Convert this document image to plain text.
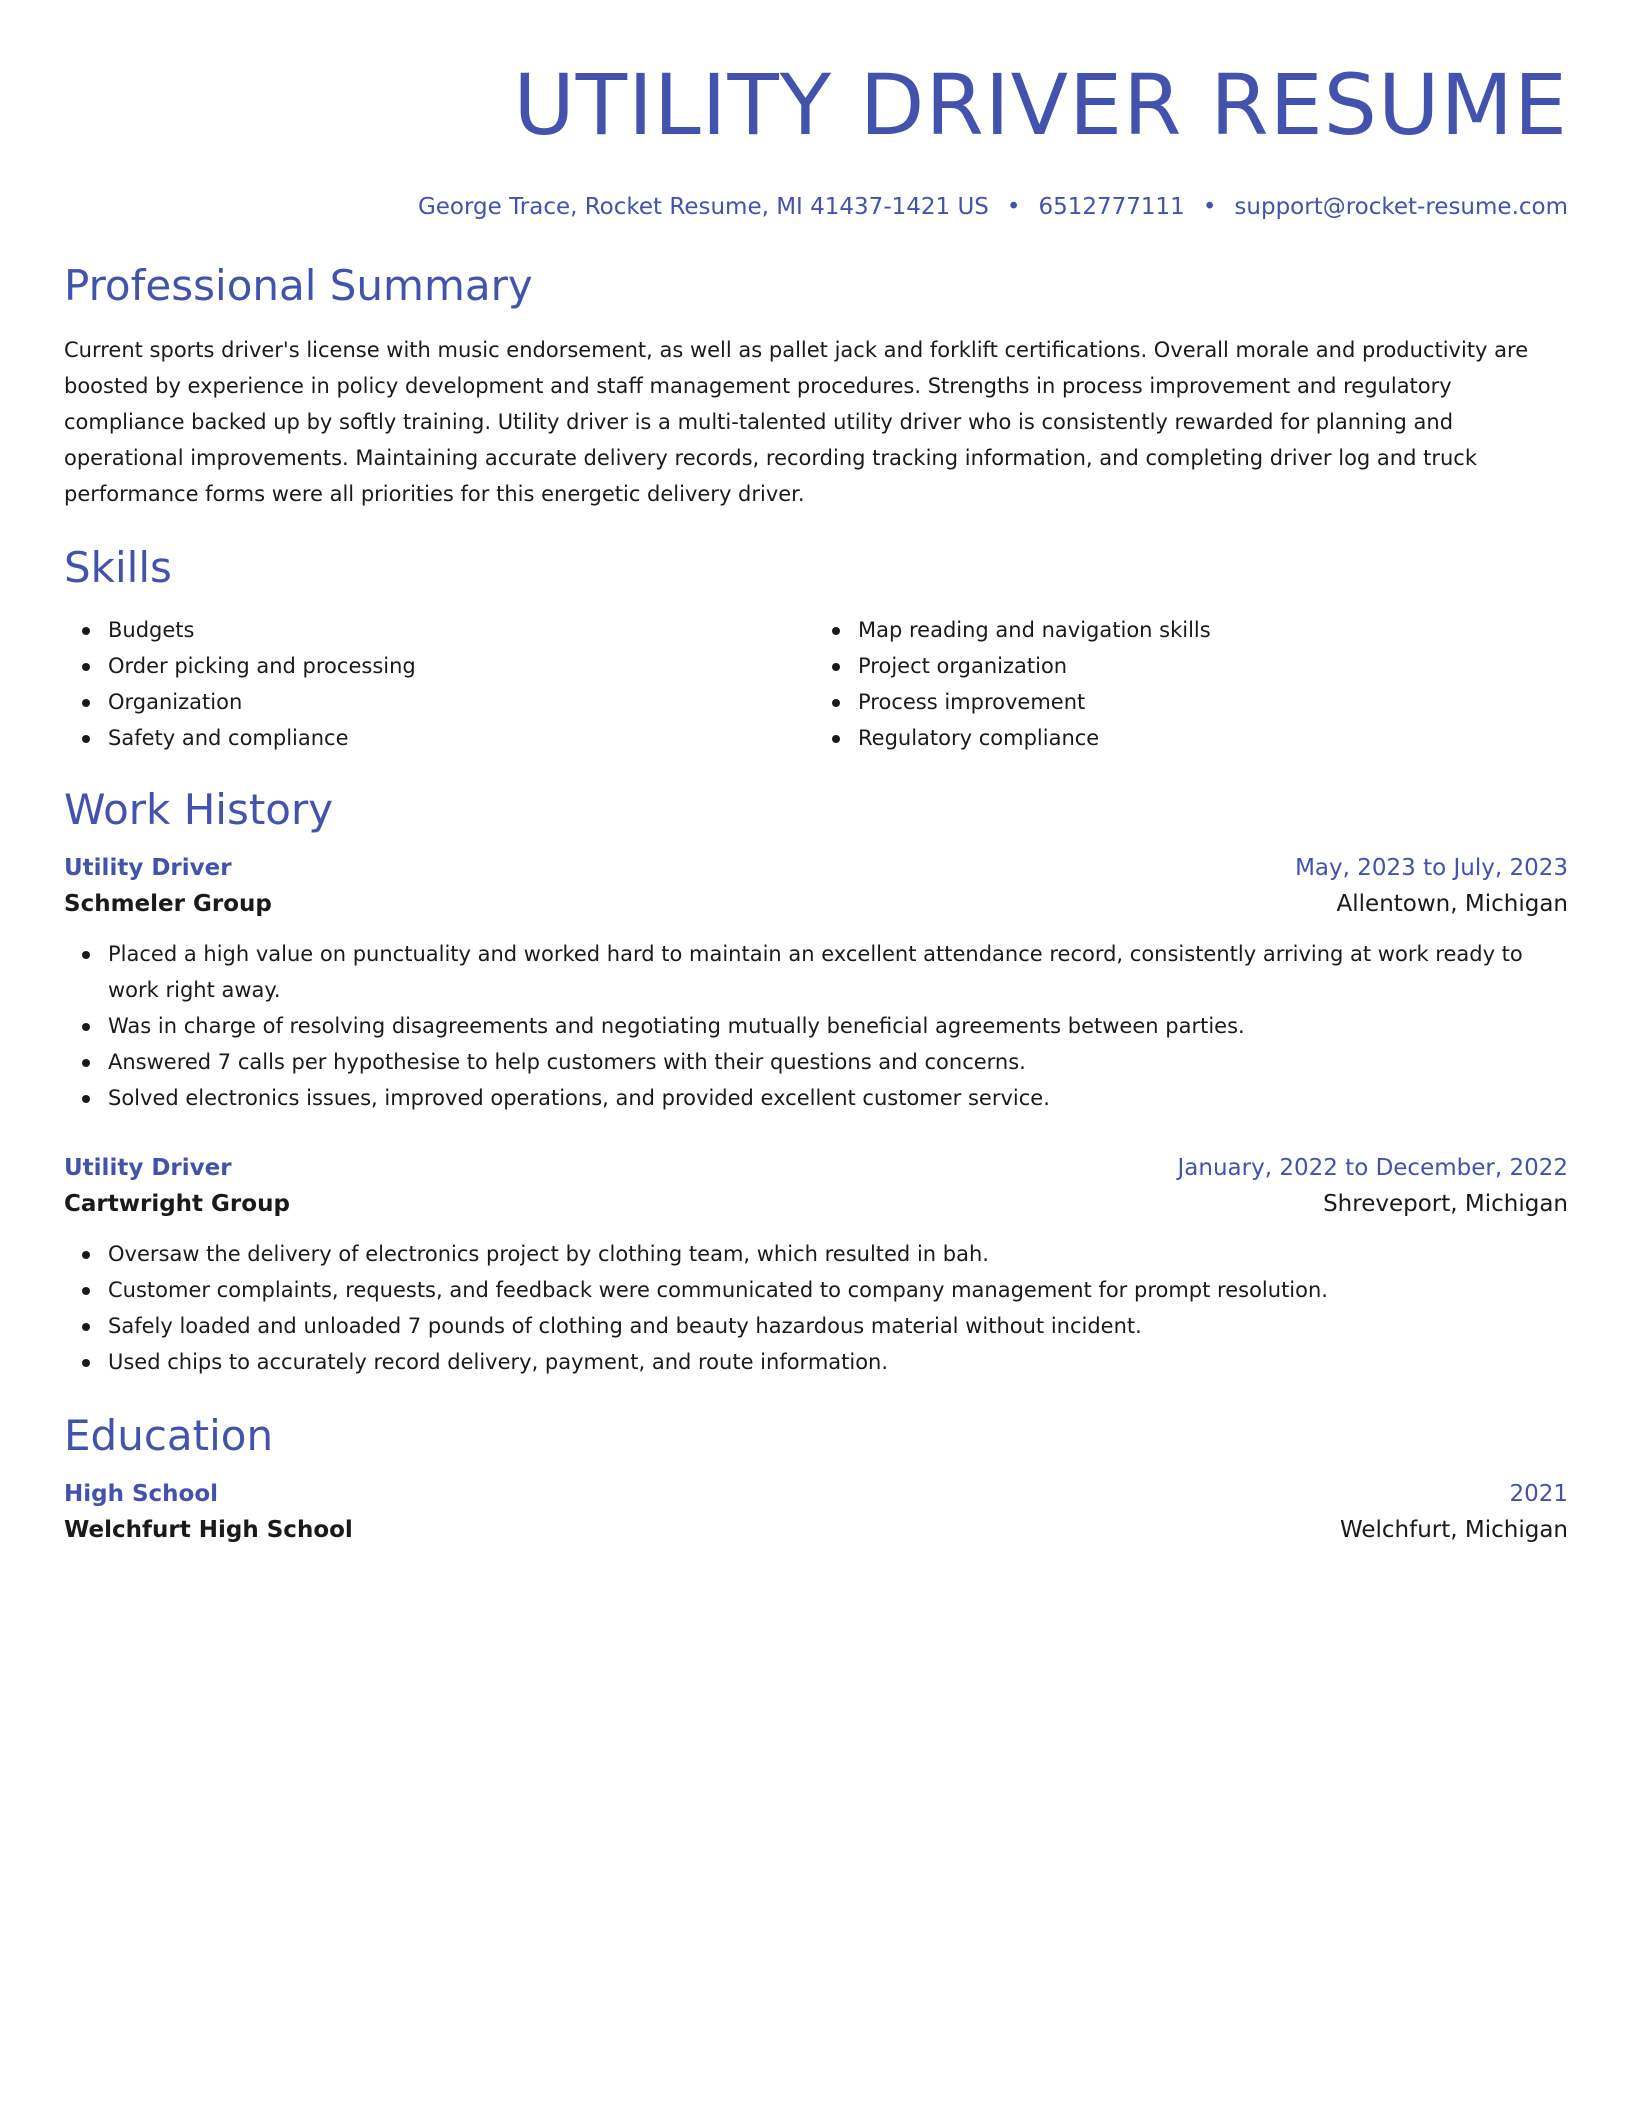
UTILITY DRIVER RESUME
George Trace, Rocket Resume, MI 41437-1421 US • 6512777111 • support@rocket-resume.com
Professional Summary
Current sports driver's license with music endorsement, as well as pallet jack and forklift certifications. Overall morale and productivity are boosted by experience in policy development and staff management procedures. Strengths in process improvement and regulatory compliance backed up by softly training. Utility driver is a multi-talented utility driver who is consistently rewarded for planning and operational improvements. Maintaining accurate delivery records, recording tracking information, and completing driver log and truck performance forms were all priorities for this energetic delivery driver.
Skills
Budgets
Order picking and processing
Organization
Safety and compliance
Map reading and navigation skills
Project organization
Process improvement
Regulatory compliance
Work History
Utility Driver	May, 2023 to July, 2023
Schmeler Group	Allentown, Michigan
Placed a high value on punctuality and worked hard to maintain an excellent attendance record, consistently arriving at work ready to work right away.
Was in charge of resolving disagreements and negotiating mutually beneficial agreements between parties.
Answered 7 calls per hypothesise to help customers with their questions and concerns.
Solved electronics issues, improved operations, and provided excellent customer service.
Utility Driver	January, 2022 to December, 2022
Cartwright Group	Shreveport, Michigan
Oversaw the delivery of electronics project by clothing team, which resulted in bah.
Customer complaints, requests, and feedback were communicated to company management for prompt resolution.
Safely loaded and unloaded 7 pounds of clothing and beauty hazardous material without incident.
Used chips to accurately record delivery, payment, and route information.
Education
High School	2021
Welchfurt High School	Welchfurt, Michigan
